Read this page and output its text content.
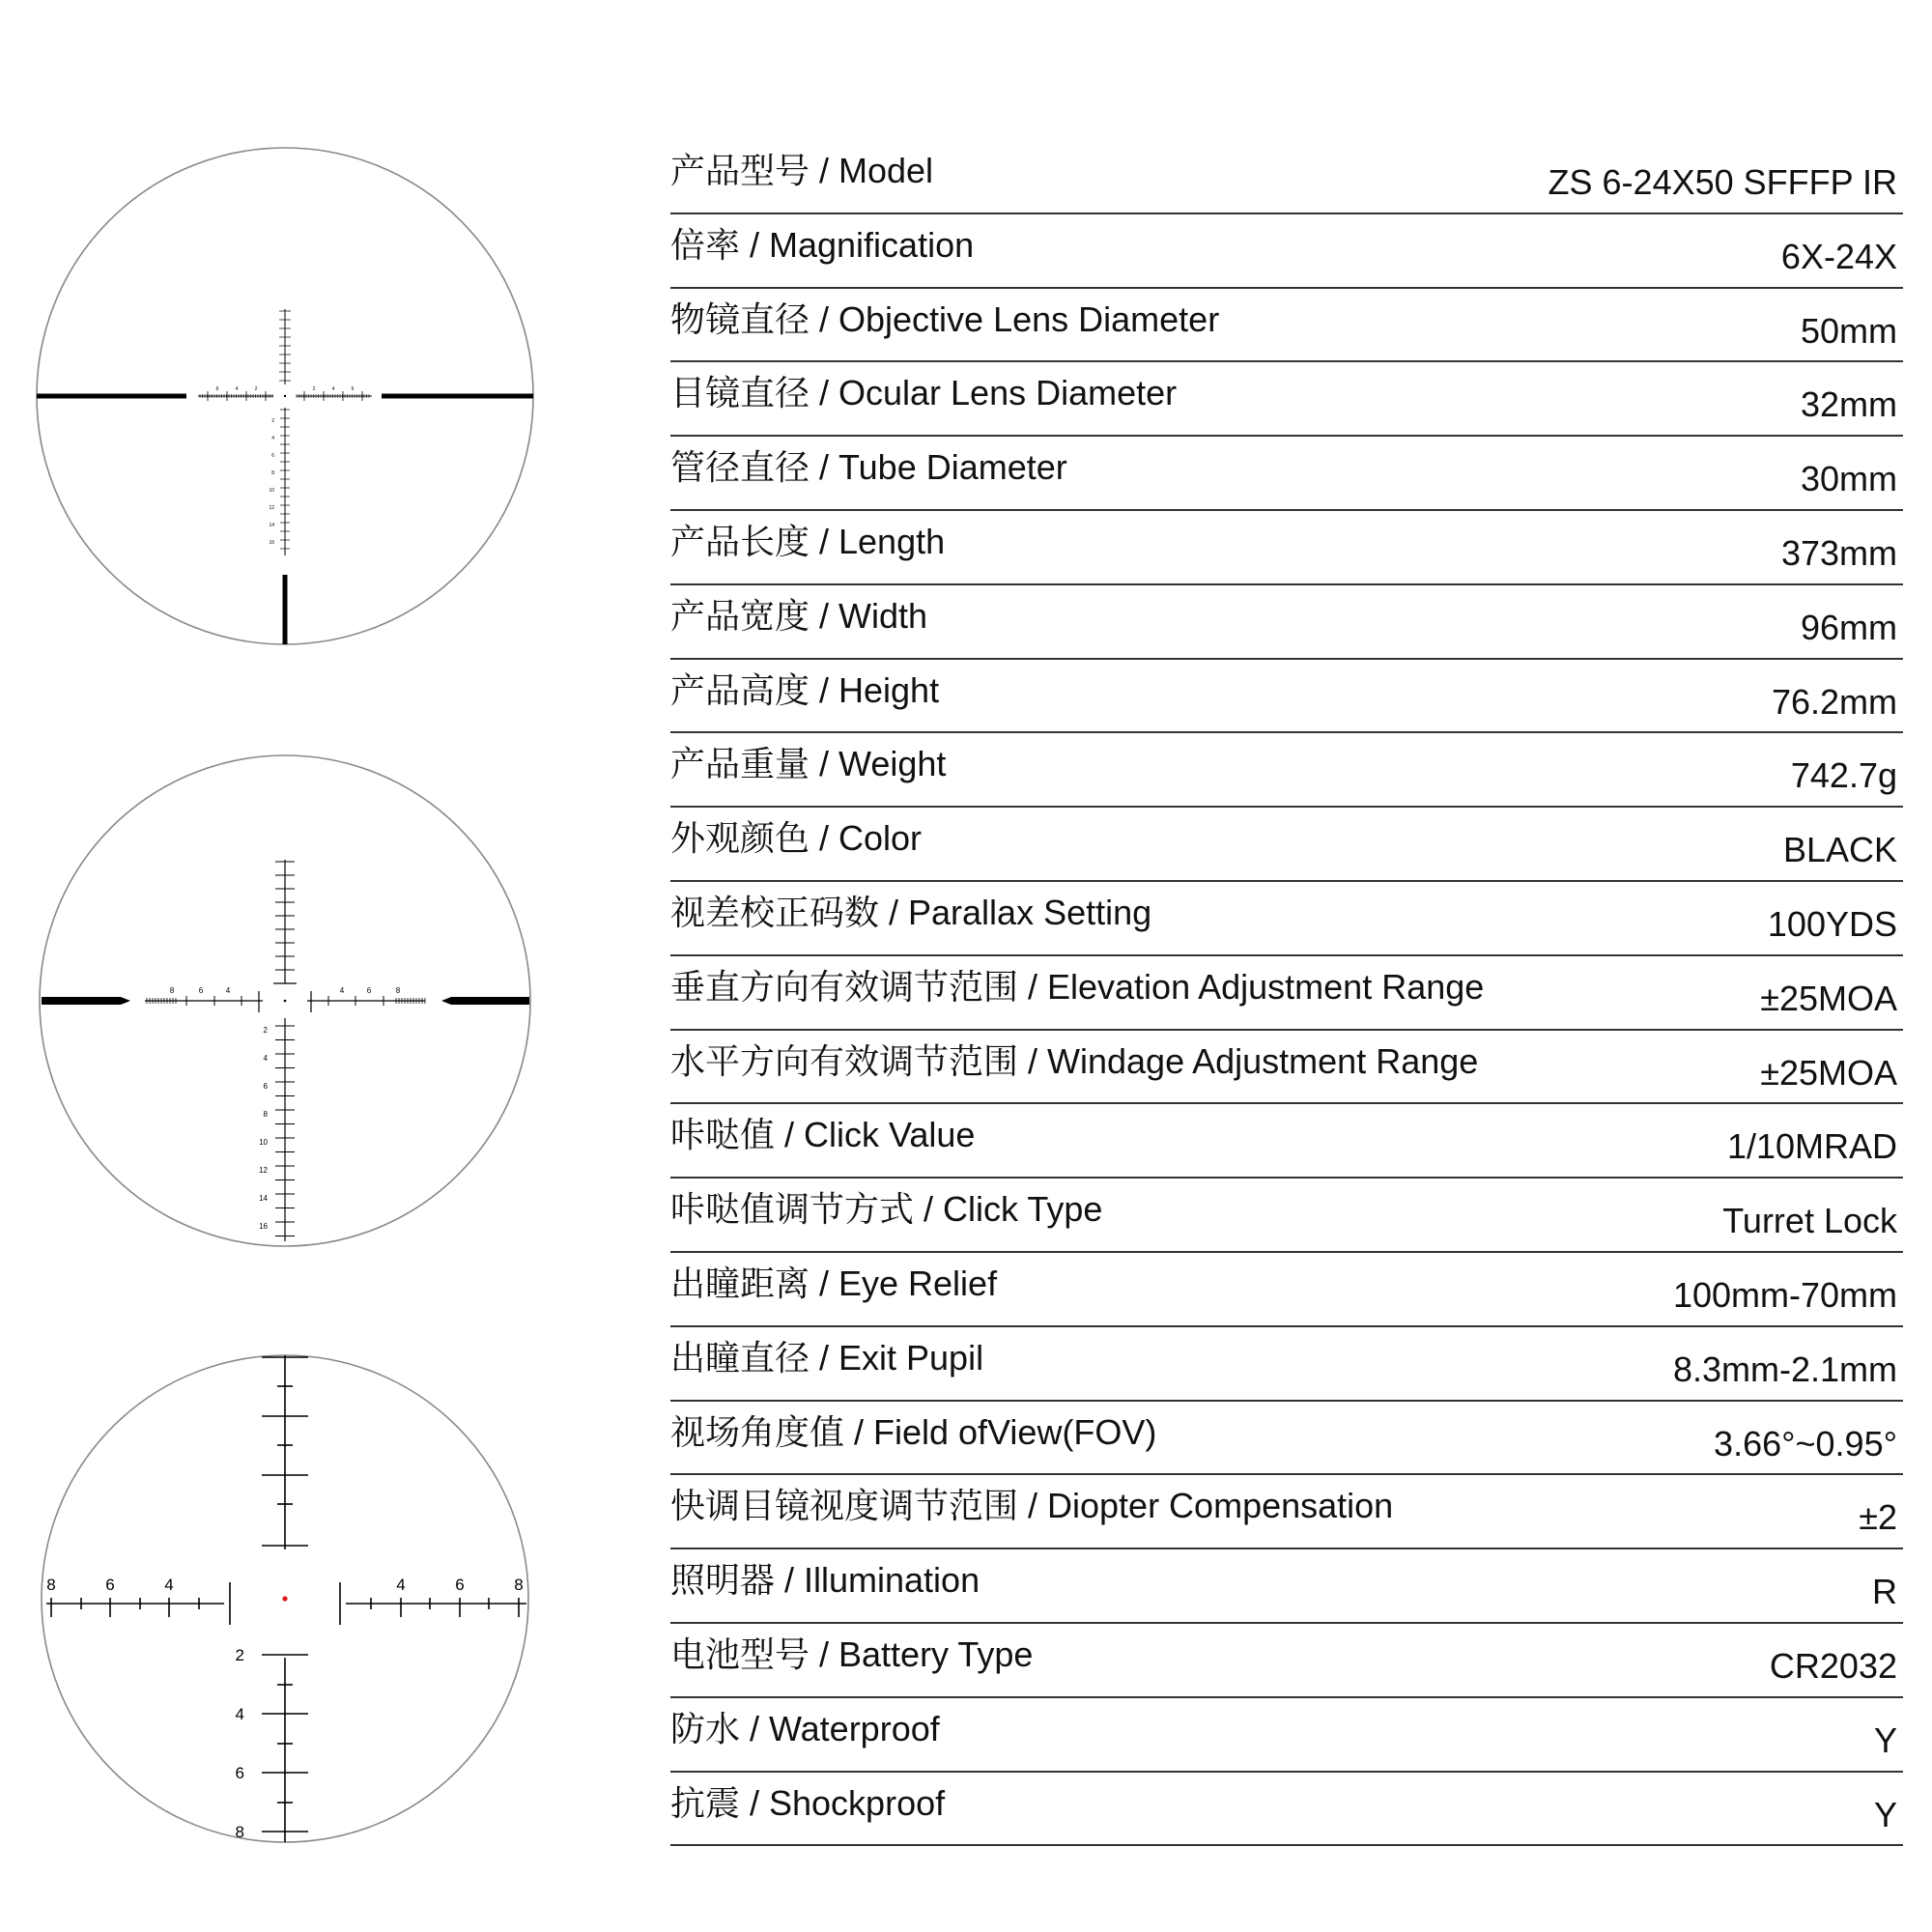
6	4	2	2	4	6
2
4
6
8
10
12
14
16
8	6	4	4	6	8
2
4
6
8
10
12
14
16
8	6	4	4	6	8
2
4
6
8
产品型号 / Model	ZS 6-24X50 SFFFP IR
倍率 / Magnification	6X-24X
物镜直径 / Objective Lens Diameter	50mm
目镜直径 / Ocular Lens Diameter	32mm
管径直径 / Tube Diameter	30mm
产品长度 / Length	373mm
产品宽度 / Width	96mm
产品高度 / Height	76.2mm
产品重量 / Weight	742.7g
外观颜色 / Color	BLACK
视差校正码数 / Parallax Setting	100YDS
垂直方向有效调节范围 / Elevation Adjustment Range	±25MOA
水平方向有效调节范围 / Windage Adjustment Range	±25MOA
咔哒值 / Click Value	1/10MRAD
咔哒值调节方式 / Click Type	Turret Lock
出瞳距离 / Eye Relief	100mm-70mm
出瞳直径 / Exit Pupil	8.3mm-2.1mm
视场角度值 / Field ofView(FOV)	3.66°~0.95°
快调目镜视度调节范围 / Diopter Compensation	±2
照明器 / Illumination	R
电池型号 / Battery Type	CR2032
防水 / Waterproof	Y
抗震 / Shockproof	Y
